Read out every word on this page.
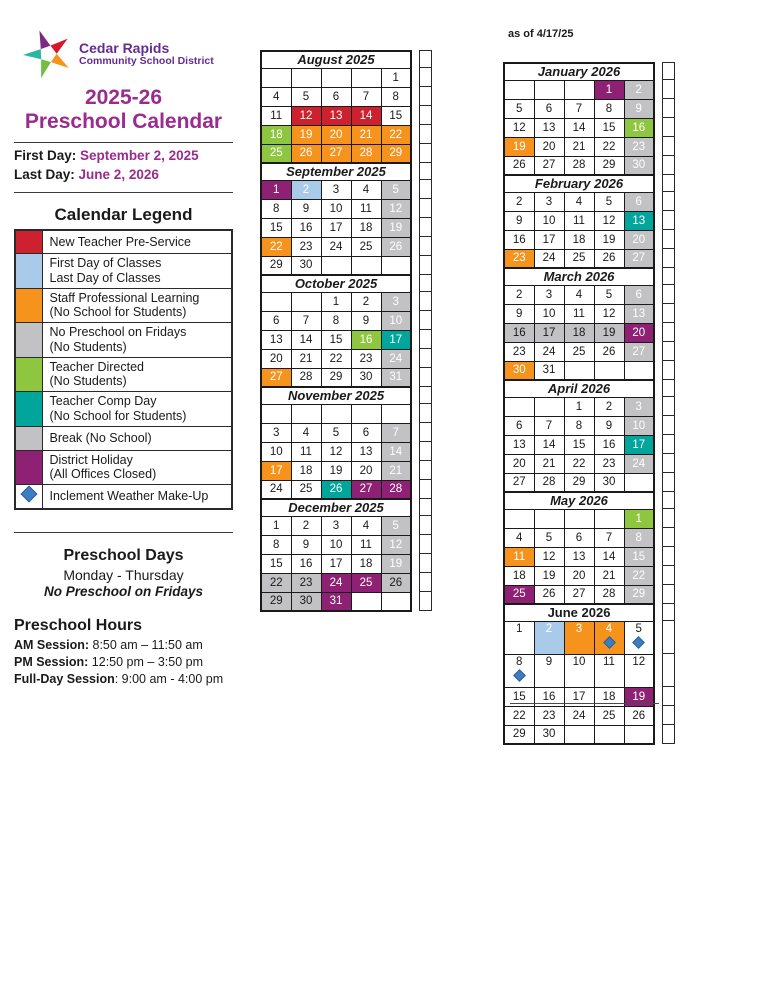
Cedar Rapids
Community School District
2025-26
Preschool Calendar
First Day: September 2, 2025
Last Day: June 2, 2026
Calendar Legend

	New Teacher Pre-Service

	First Day of Classes
Last Day of Classes

	Staff Professional Learning
(No School for Students)

	No Preschool on Fridays
(No Students)

	Teacher Directed
(No Students)

	Teacher Comp Day
(No School for Students)

	Break (No School)

	District Holiday
(All Offices Closed)

	Inclement Weather Make-Up
Preschool Days
Monday - Thursday
No Preschool on Fridays
Preschool Hours
AM Session: 8:50 am – 11:50 am
PM Session: 12:50 pm – 3:50 pm
Full-Day Session: 9:00 am - 4:00 pm
as of 4/17/25
August 2025				

				1

4	5	6	7	8

11	12	13	14	15

18	19	20	21	22

25	26	27	28	29

September 2025				

1	2	3	4	5

8	9	10	11	12

15	16	17	18	19

22	23	24	25	26

29	30			

October 2025				

		1	2	3

6	7	8	9	10

13	14	15	16	17

20	21	22	23	24

27	28	29	30	31

November 2025				

3	4	5	6	7

10	11	12	13	14

17	18	19	20	21

24	25	26	27	28

December 2025				

1	2	3	4	5

8	9	10	11	12

15	16	17	18	19

22	23	24	25	26

29	30	31		

January 2026				

			1	2

5	6	7	8	9

12	13	14	15	16

19	20	21	22	23

26	27	28	29	30

February 2026				

2	3	4	5	6

9	10	11	12	13

16	17	18	19	20

23	24	25	26	27

March 2026				

2	3	4	5	6

9	10	11	12	13

16	17	18	19	20

23	24	25	26	27

30	31			

April 2026				

		1	2	3

6	7	8	9	10

13	14	15	16	17

20	21	22	23	24

27	28	29	30	

May 2026				

				1

4	5	6	7	8

11	12	13	14	15

18	19	20	21	22

25	26	27	28	29

June 2026				

1	2	3	4	5

8	9	10	11	12

15	16	17	18	19

22	23	24	25	26

29	30			
